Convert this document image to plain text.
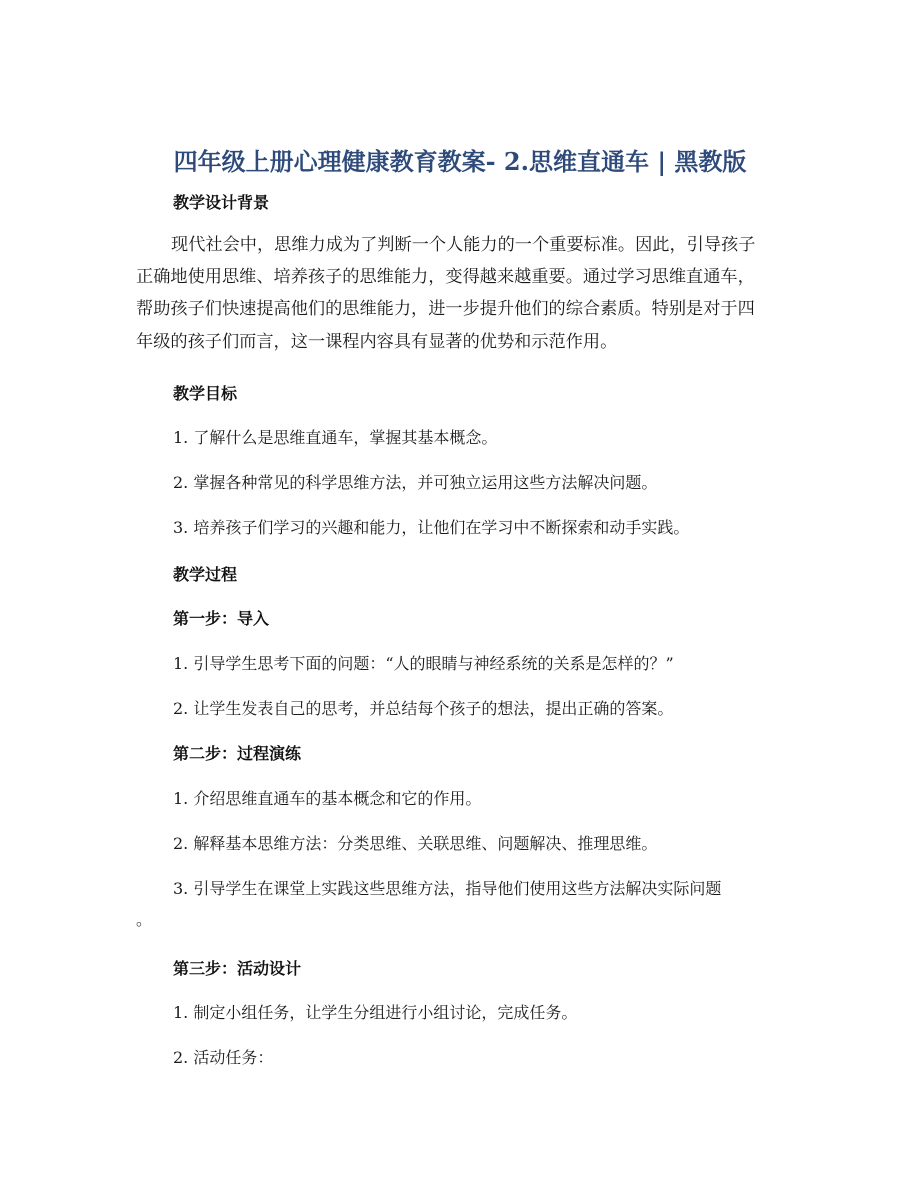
四年级上册心理健康教育教案- 2.思维直通车 | 黑教版
教学设计背景
现代社会中，思维力成为了判断一个人能力的一个重要标准。因此，引导孩子
正确地使用思维、培养孩子的思维能力，变得越来越重要。通过学习思维直通车，
帮助孩子们快速提高他们的思维能力，进一步提升他们的综合素质。特别是对于四
年级的孩子们而言，这一课程内容具有显著的优势和示范作用。
教学目标
1. 了解什么是思维直通车，掌握其基本概念。
2. 掌握各种常见的科学思维方法，并可独立运用这些方法解决问题。
3. 培养孩子们学习的兴趣和能力，让他们在学习中不断探索和动手实践。
教学过程
第一步：导入
1. 引导学生思考下面的问题：“人的眼睛与神经系统的关系是怎样的？”
2. 让学生发表自己的思考，并总结每个孩子的想法，提出正确的答案。
第二步：过程演练
1. 介绍思维直通车的基本概念和它的作用。
2. 解释基本思维方法：分类思维、关联思维、问题解决、推理思维。
3. 引导学生在课堂上实践这些思维方法，指导他们使用这些方法解决实际问题
。
第三步：活动设计
1. 制定小组任务，让学生分组进行小组讨论，完成任务。
2. 活动任务：
